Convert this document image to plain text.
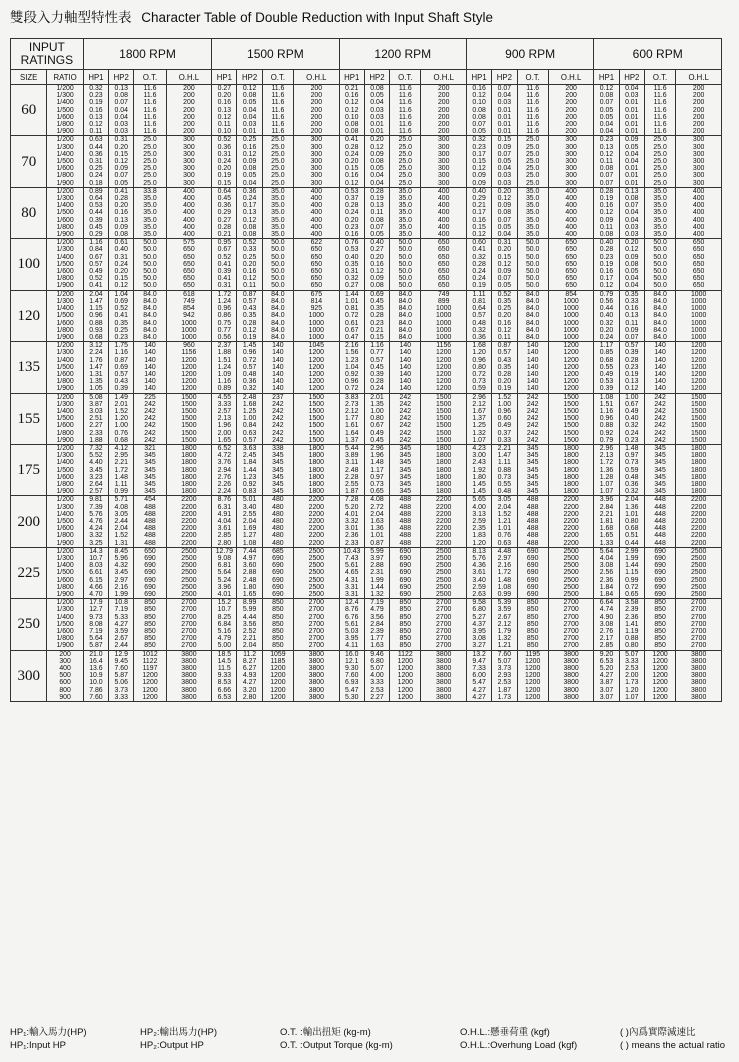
雙段入力軸型特性表 Character Table of Double Reduction with Input Shaft Style
INPUT
RATINGS		1800 RPM				1500 RPM				1200 RPM				900 RPM				600 RPM			
SIZE	RATIO	HP1	HP2	O.T.	O.H.L	HP1	HP2	O.T.	O.H.L	HP1	HP2	O.T.	O.H.L	HP1	HP2	O.T.	O.H.L	HP1	HP2	O.T.	O.H.L
60	1/200	0.32	0.13	11.6	200	0.27	0.12	11.6	200	0.21	0.08	11.6	200	0.16	0.07	11.6	200	0.12	0.04	11.6	200
	1/300	0.23	0.08	11.6	200	0.20	0.08	11.6	200	0.16	0.05	11.6	200	0.12	0.04	11.6	200	0.08	0.03	11.6	200
	1/400	0.19	0.07	11.6	200	0.16	0.05	11.6	200	0.12	0.04	11.6	200	0.10	0.03	11.6	200	0.07	0.01	11.6	200
	1/500	0.16	0.04	11.6	200	0.13	0.04	11.6	200	0.12	0.03	11.6	200	0.08	0.01	11.6	200	0.05	0.01	11.6	200
	1/600	0.13	0.04	11.6	200	0.12	0.04	11.6	200	0.10	0.03	11.6	200	0.08	0.01	11.6	200	0.05	0.01	11.6	200
	1/800	0.12	0.03	11.6	200	0.11	0.03	11.6	200	0.08	0.01	11.6	200	0.07	0.01	11.6	200	0.04	0.01	11.6	200
	1/900	0.11	0.03	11.6	200	0.10	0.01	11.6	200	0.08	0.01	11.6	200	0.05	0.01	11.6	200	0.04	0.01	11.6	200
70	1/200	0.63	0.31	25.0	300	0.52	0.25	25.0	300	0.41	0.20	25.0	300	0.32	0.15	25.0	300	0.23	0.09	25.0	300
	1/300	0.44	0.20	25.0	300	0.36	0.16	25.0	300	0.28	0.12	25.0	300	0.23	0.09	25.0	300	0.13	0.05	25.0	300
	1/400	0.36	0.15	25.0	300	0.31	0.12	25.0	300	0.24	0.09	25.0	300	0.17	0.07	25.0	300	0.12	0.04	25.0	300
	1/500	0.31	0.12	25.0	300	0.24	0.09	25.0	300	0.20	0.08	25.0	300	0.15	0.05	25.0	300	0.11	0.04	25.0	300
	1/600	0.25	0.09	25.0	300	0.20	0.08	25.0	300	0.15	0.05	25.0	300	0.12	0.04	25.0	300	0.08	0.01	25.0	300
	1/800	0.24	0.07	25.0	300	0.19	0.05	25.0	300	0.16	0.04	25.0	300	0.09	0.03	25.0	300	0.07	0.01	25.0	300
	1/900	0.18	0.05	25.0	300	0.15	0.04	25.0	300	0.12	0.04	25.0	300	0.09	0.03	25.0	300	0.07	0.01	25.0	300
80	1/200	0.89	0.41	33.8	400	0.64	0.36	35.0	400	0.53	0.28	35.0	400	0.40	0.20	35.0	400	0.28	0.13	35.0	400
	1/300	0.64	0.28	35.0	400	0.45	0.24	35.0	400	0.37	0.19	35.0	400	0.29	0.12	35.0	400	0.19	0.08	35.0	400
	1/400	0.53	0.20	35.0	400	0.36	0.17	35.0	400	0.28	0.13	35.0	400	0.21	0.09	35.0	400	0.16	0.07	35.0	400
	1/500	0.44	0.16	35.0	400	0.29	0.13	35.0	400	0.24	0.11	35.0	400	0.17	0.08	35.0	400	0.12	0.04	35.0	400
	1/600	0.39	0.13	35.0	400	0.27	0.12	35.0	400	0.20	0.08	35.0	400	0.16	0.07	35.0	400	0.09	0.04	35.0	400
	1/800	0.45	0.09	35.0	400	0.28	0.08	35.0	400	0.23	0.07	35.0	400	0.15	0.05	35.0	400	0.11	0.03	35.0	400
	1/900	0.29	0.08	35.0	400	0.21	0.08	35.0	400	0.16	0.05	35.0	400	0.12	0.04	35.0	400	0.08	0.03	35.0	400
100	1/200	1.16	0.61	50.0	575	0.95	0.52	50.0	622	0.76	0.40	50.0	650	0.60	0.31	50.0	650	0.40	0.20	50.0	650
	1/300	0.84	0.40	50.0	650	0.67	0.33	50.0	650	0.53	0.27	50.0	650	0.41	0.20	50.0	650	0.28	0.12	50.0	650
	1/400	0.67	0.31	50.0	650	0.52	0.25	50.0	650	0.40	0.20	50.0	650	0.32	0.15	50.0	650	0.23	0.09	50.0	650
	1/500	0.57	0.24	50.0	650	0.41	0.20	50.0	650	0.35	0.16	50.0	650	0.28	0.12	50.0	650	0.19	0.08	50.0	650
	1/600	0.49	0.20	50.0	650	0.39	0.16	50.0	650	0.31	0.12	50.0	650	0.24	0.09	50.0	650	0.16	0.05	50.0	650
	1/800	0.52	0.15	50.0	650	0.41	0.12	50.0	650	0.32	0.09	50.0	650	0.24	0.07	50.0	650	0.17	0.04	50.0	650
	1/900	0.41	0.12	50.0	650	0.31	0.11	50.0	650	0.27	0.08	50.0	650	0.19	0.05	50.0	650	0.12	0.04	50.0	650
120	1/200	2.04	1.04	84.0	618	1.72	0.87	84.0	675	1.44	0.69	84.0	749	1.11	0.52	84.0	854	0.79	0.35	84.0	1000
	1/300	1.47	0.69	84.0	749	1.24	0.57	84.0	814	1.01	0.45	84.0	899	0.81	0.35	84.0	1000	0.56	0.33	84.0	1000
	1/400	1.15	0.52	84.0	854	0.96	0.43	84.0	925	0.81	0.35	84.0	1000	0.64	0.25	84.0	1000	0.44	0.16	84.0	1000
	1/500	0.96	0.41	84.0	942	0.86	0.35	84.0	1000	0.72	0.28	84.0	1000	0.57	0.20	84.0	1000	0.40	0.13	84.0	1000
	1/600	0.88	0.35	84.0	1000	0.75	0.28	84.0	1000	0.61	0.23	84.0	1000	0.48	0.16	84.0	1000	0.32	0.11	84.0	1000
	1/800	0.93	0.25	84.0	1000	0.77	0.12	84.0	1000	0.67	0.21	84.0	1000	0.32	0.12	84.0	1000	0.20	0.09	84.0	1000
	1/900	0.68	0.23	84.0	1000	0.56	0.19	84.0	1000	0.47	0.15	84.0	1000	0.36	0.11	84.0	1000	0.24	0.07	84.0	1000
135	1/200	3.12	1.75	140	960	2.37	1.45	140	1045	2.16	1.16	140	1156	1.68	0.87	140	1200	1.17	0.57	140	1200
	1/300	2.24	1.16	140	1156	1.88	0.96	140	1200	1.56	0.77	140	1200	1.20	0.57	140	1200	0.85	0.39	140	1200
	1/400	1.76	0.87	140	1200	1.51	0.72	140	1200	1.23	0.57	140	1200	0.96	0.43	140	1200	0.68	0.28	140	1200
	1/500	1.47	0.69	140	1200	1.24	0.57	140	1200	1.04	0.45	140	1200	0.80	0.35	140	1200	0.55	0.23	140	1200
	1/600	1.31	0.57	140	1200	1.09	0.48	140	1200	0.92	0.39	140	1200	0.72	0.28	140	1200	0.49	0.19	140	1200
	1/800	1.35	0.43	140	1200	1.16	0.36	140	1200	0.96	0.28	140	1200	0.73	0.20	140	1200	0.53	0.13	140	1200
	1/900	1.05	0.39	140	1200	0.89	0.32	140	1200	0.72	0.24	140	1200	0.59	0.19	140	1200	0.39	0.12	140	1200
155	1/200	5.08	1.49	225	1500	4.55	2.48	237	1500	3.83	2.01	242	1500	2.96	1.52	242	1500	1.08	1.00	242	1500
	1/300	3.87	2.01	242	1500	3.33	1.68	242	1500	2.73	1.35	242	1500	2.12	1.00	242	1500	1.51	0.67	242	1500
	1/400	3.03	1.52	242	1500	2.57	1.25	242	1500	2.12	1.00	242	1500	1.67	0.96	242	1500	1.16	0.49	242	1500
	1/500	2.51	1.20	242	1500	2.13	1.00	242	1500	1.77	0.80	242	1500	1.37	0.60	242	1500	0.96	0.40	242	1500
	1/600	2.27	1.00	242	1500	1.96	0.84	242	1500	1.61	0.67	242	1500	1.25	0.49	242	1500	0.88	0.32	242	1500
	1/800	2.33	0.76	242	1500	2.00	0.63	242	1500	1.64	0.49	242	1500	1.32	0.37	242	1500	0.92	0.24	242	1500
	1/900	1.88	0.68	242	1500	1.65	0.57	242	1500	1.37	0.45	242	1500	1.07	0.33	242	1500	0.79	0.23	242	1500
175	1/200	7.32	4.12	321	1800	6.52	3.63	338	1800	5.44	2.96	345	1800	4.23	2.21	345	1800	2.96	1.48	345	1800
	1/300	5.52	2.95	345	1800	4.72	2.45	345	1800	3.89	1.96	345	1800	3.00	1.47	345	1800	2.13	0.97	345	1800
	1/400	4.40	2.21	345	1800	3.76	1.84	345	1800	3.11	1.48	345	1800	2.43	1.11	345	1800	1.72	0.73	345	1800
	1/500	3.45	1.72	345	1800	2.94	1.44	345	1800	2.48	1.17	345	1800	1.92	0.88	345	1800	1.36	0.59	345	1800
	1/600	3.23	1.48	345	1800	2.76	1.23	345	1800	2.28	0.97	345	1800	1.80	0.73	345	1800	1.28	0.48	345	1800
	1/800	2.64	1.11	345	1800	2.26	0.92	345	1800	2.55	0.73	345	1800	1.45	0.55	345	1800	1.07	0.36	345	1800
	1/900	2.57	0.99	345	1800	2.24	0.83	345	1800	1.87	0.65	345	1800	1.45	0.48	345	1800	1.07	0.32	345	1800
200	1/200	9.81	5.71	454	2200	8.76	5.01	480	2200	7.28	4.08	488	2200	5.65	3.05	488	2200	3.96	2.04	448	2200
	1/300	7.39	4.08	488	2200	6.31	3.40	480	2200	5.20	2.72	488	2200	4.00	2.04	488	2200	2.84	1.36	448	2200
	1/400	5.76	3.05	488	2200	4.91	2.55	480	2200	4.01	2.04	488	2200	3.13	1.52	488	2200	2.21	1.01	448	2200
	1/500	4.76	2.44	488	2200	4.04	2.04	480	2200	3.32	1.63	488	2200	2.59	1.21	488	2200	1.81	0.80	448	2200
	1/600	4.24	2.04	488	2200	3.61	1.69	480	2200	3.01	1.36	488	2200	2.35	1.01	488	2200	1.68	0.68	448	2200
	1/800	3.32	1.52	488	2200	2.85	1.27	480	2200	2.36	1.01	488	2200	1.83	0.76	488	2200	1.65	0.51	448	2200
	1/900	3.25	1.31	488	2200	2.80	1.08	480	2200	2.33	0.87	488	2200	1.20	0.63	488	2200	1.33	0.44	448	2200
225	1/200	14.3	8.45	650	2500	12.79	7.44	685	2500	10.43	5.99	690	2500	8.13	4.48	690	2500	5.64	2.99	690	2500
	1/300	10.7	5.96	690	2500	9.08	4.97	690	2500	7.43	3.97	690	2500	5.76	2.97	690	2500	4.04	1.99	690	2500
	1/400	8.03	4.32	690	2500	6.81	3.60	690	2500	5.61	2.88	690	2500	4.36	2.16	690	2500	3.08	1.44	690	2500
	1/500	6.61	3.45	690	2500	5.64	2.88	690	2500	4.65	2.31	690	2500	3.61	1.72	690	2500	2.56	1.15	690	2500
	1/600	6.15	2.97	690	2500	5.24	2.48	690	2500	4.31	1.99	690	2500	3.40	1.48	690	2500	2.36	0.99	690	2500
	1/800	4.66	2.16	690	2500	3.96	1.80	690	2500	3.31	1.44	690	2500	2.59	1.08	690	2500	1.84	0.72	690	2500
	1/900	4.70	1.99	690	2500	4.01	1.65	690	2500	3.31	1.32	690	2500	2.63	0.99	690	2500	1.84	0.65	690	2500
250	1/200	17.9	10.8	850	2700	15.2	8.99	850	2700	12.4	7.19	850	2700	9.58	5.39	850	2700	6.64	3.58	850	2700
	1/300	12.7	7.19	850	2700	10.7	5.99	850	2700	8.76	4.79	850	2700	6.80	3.59	850	2700	4.74	2.39	850	2700
	1/400	9.73	5.33	850	2700	8.25	4.44	850	2700	6.76	3.56	850	2700	5.27	2.67	850	2700	4.90	2.36	850	2700
	1/500	8.08	4.27	850	2700	6.84	3.56	850	2700	5.61	2.84	850	2700	4.37	2.12	850	2700	3.08	1.41	850	2700
	1/600	7.19	3.59	850	2700	5.16	2.52	850	2700	5.03	2.39	850	2700	3.95	1.79	850	2700	2.76	1.19	850	2700
	1/800	5.64	2.67	850	2700	4.79	2.21	850	2700	3.95	1.77	850	2700	3.08	1.32	850	2700	2.17	0.88	850	2700
	1/900	5.87	2.44	850	2700	5.00	2.04	850	2700	4.11	1.63	850	2700	3.27	1.21	850	2700	2.85	0.80	850	2700
300	200	21.0	12.9	1012	3800	18.5	11.2	1059	3800	16.0	9.46	1122	3800	13.2	7.60	1195	3800	9.20	5.07	1200	3800
	300	16.4	9.45	1122	3800	14.5	8.27	1185	3800	12.1	6.80	1200	3800	9.47	5.07	1200	3800	6.53	3.33	1200	3800
	400	13.6	7.60	1197	3800	11.5	6.27	1200	3800	9.30	5.07	1200	3800	7.33	3.73	1200	3800	5.20	2.53	1200	3800
	500	10.9	5.87	1200	3800	9.33	4.93	1200	3800	7.60	4.00	1200	3800	6.00	2.93	1200	3800	4.27	2.00	1200	3800
	600	10.0	5.06	1200	3800	8.53	4.27	1200	3800	6.93	3.33	1200	3800	5.47	2.53	1200	3800	3.87	1.73	1200	3800
	800	7.86	3.73	1200	3800	6.66	3.20	1200	3800	5.47	2.53	1200	3800	4.27	1.87	1200	3800	3.07	1.20	1200	3800
	900	7.60	3.33	1200	3800	6.53	2.80	1200	3800	5.30	2.27	1200	3800	4.27	1.73	1200	3800	3.07	1.07	1200	3800
HP₁:輸入馬力(HP)	HP₂:輸出馬力(HP)	O.T. :輸出扭矩 (kg-m)	O.H.L.:懸垂荷重 (kgf)	( )內爲實際減速比
HP₁:Input HP	HP₂:Output HP	O.T. :Output Torque (kg-m)	O.H.L.:Overhung Load (kgf)	( ) means the actual ratio
